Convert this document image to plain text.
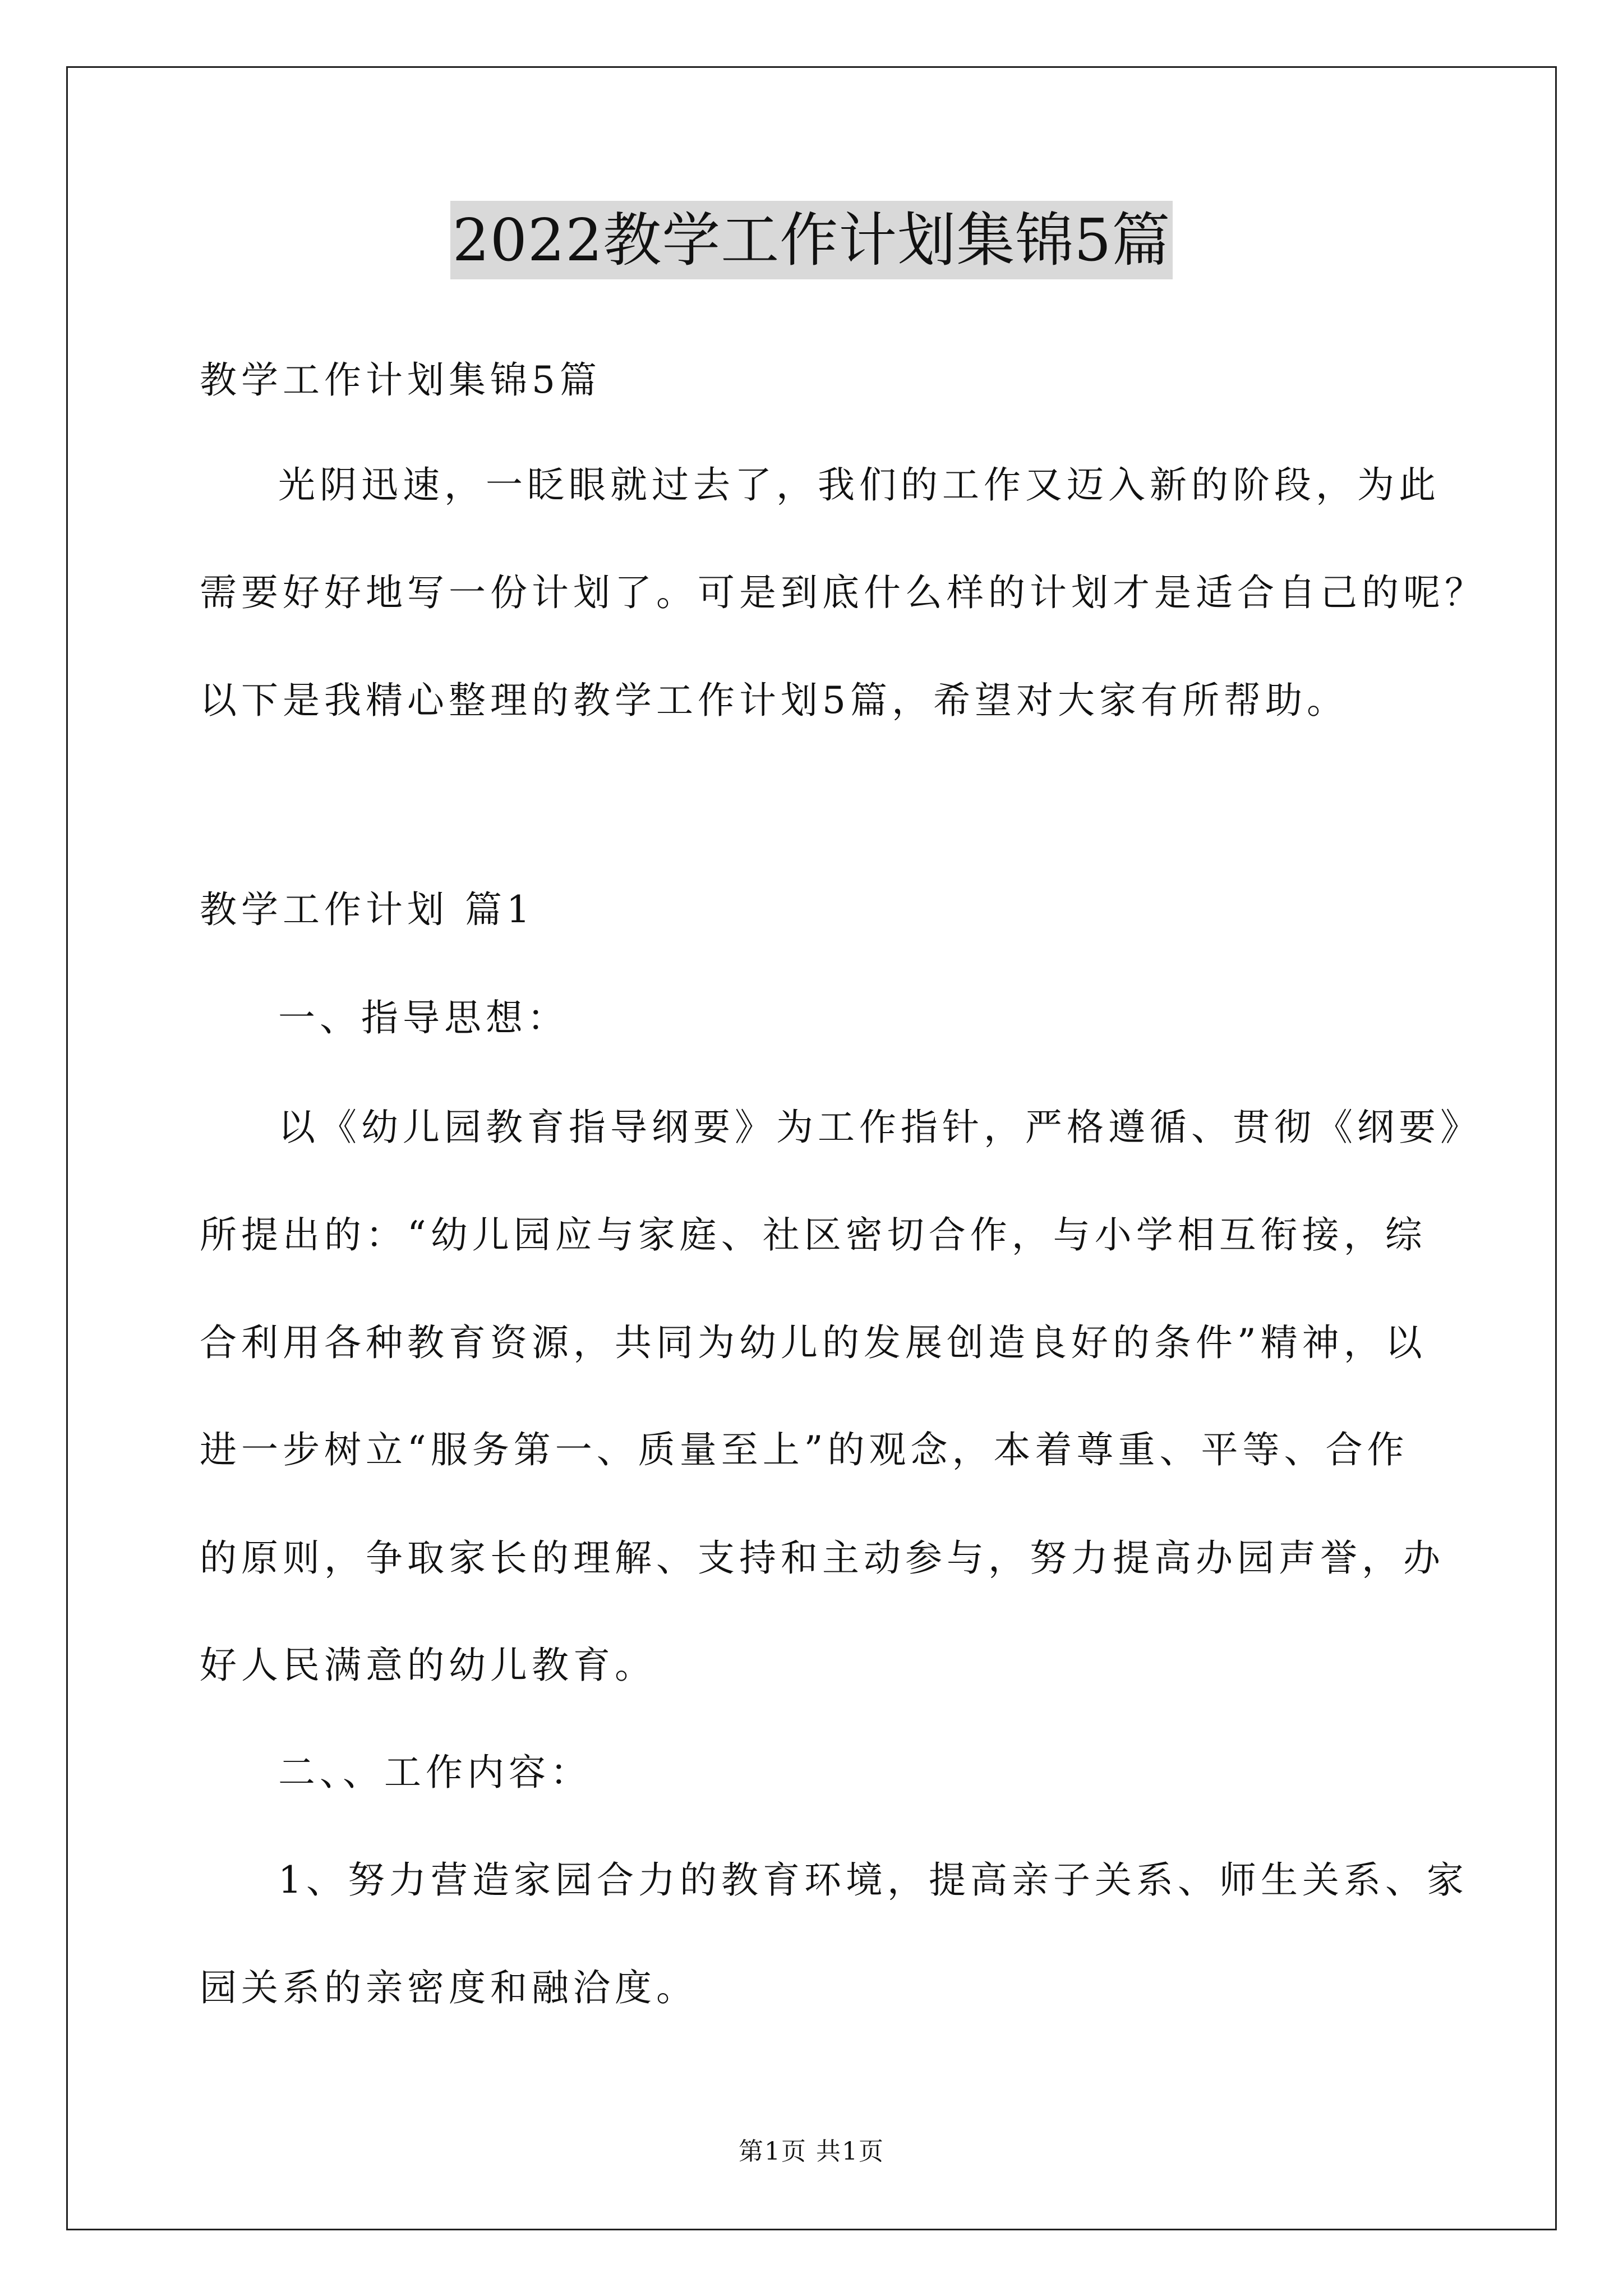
2022教学工作计划集锦5篇
教学工作计划集锦5篇
光阴迅速，一眨眼就过去了，我们的工作又迈入新的阶段，为此
需要好好地写一份计划了。可是到底什么样的计划才是适合自己的呢？
以下是我精心整理的教学工作计划5篇，希望对大家有所帮助。
教学工作计划 篇1
一、指导思想：
以《幼儿园教育指导纲要》为工作指针，严格遵循、贯彻《纲要》
所提出的：“幼儿园应与家庭、社区密切合作，与小学相互衔接，综
合利用各种教育资源，共同为幼儿的发展创造良好的条件”精神，以
进一步树立“服务第一、质量至上”的观念，本着尊重、平等、合作
的原则，争取家长的理解、支持和主动参与，努力提高办园声誉，办
好人民满意的幼儿教育。
二、、工作内容：
1、努力营造家园合力的教育环境，提高亲子关系、师生关系、家
园关系的亲密度和融洽度。
第1页 共1页
